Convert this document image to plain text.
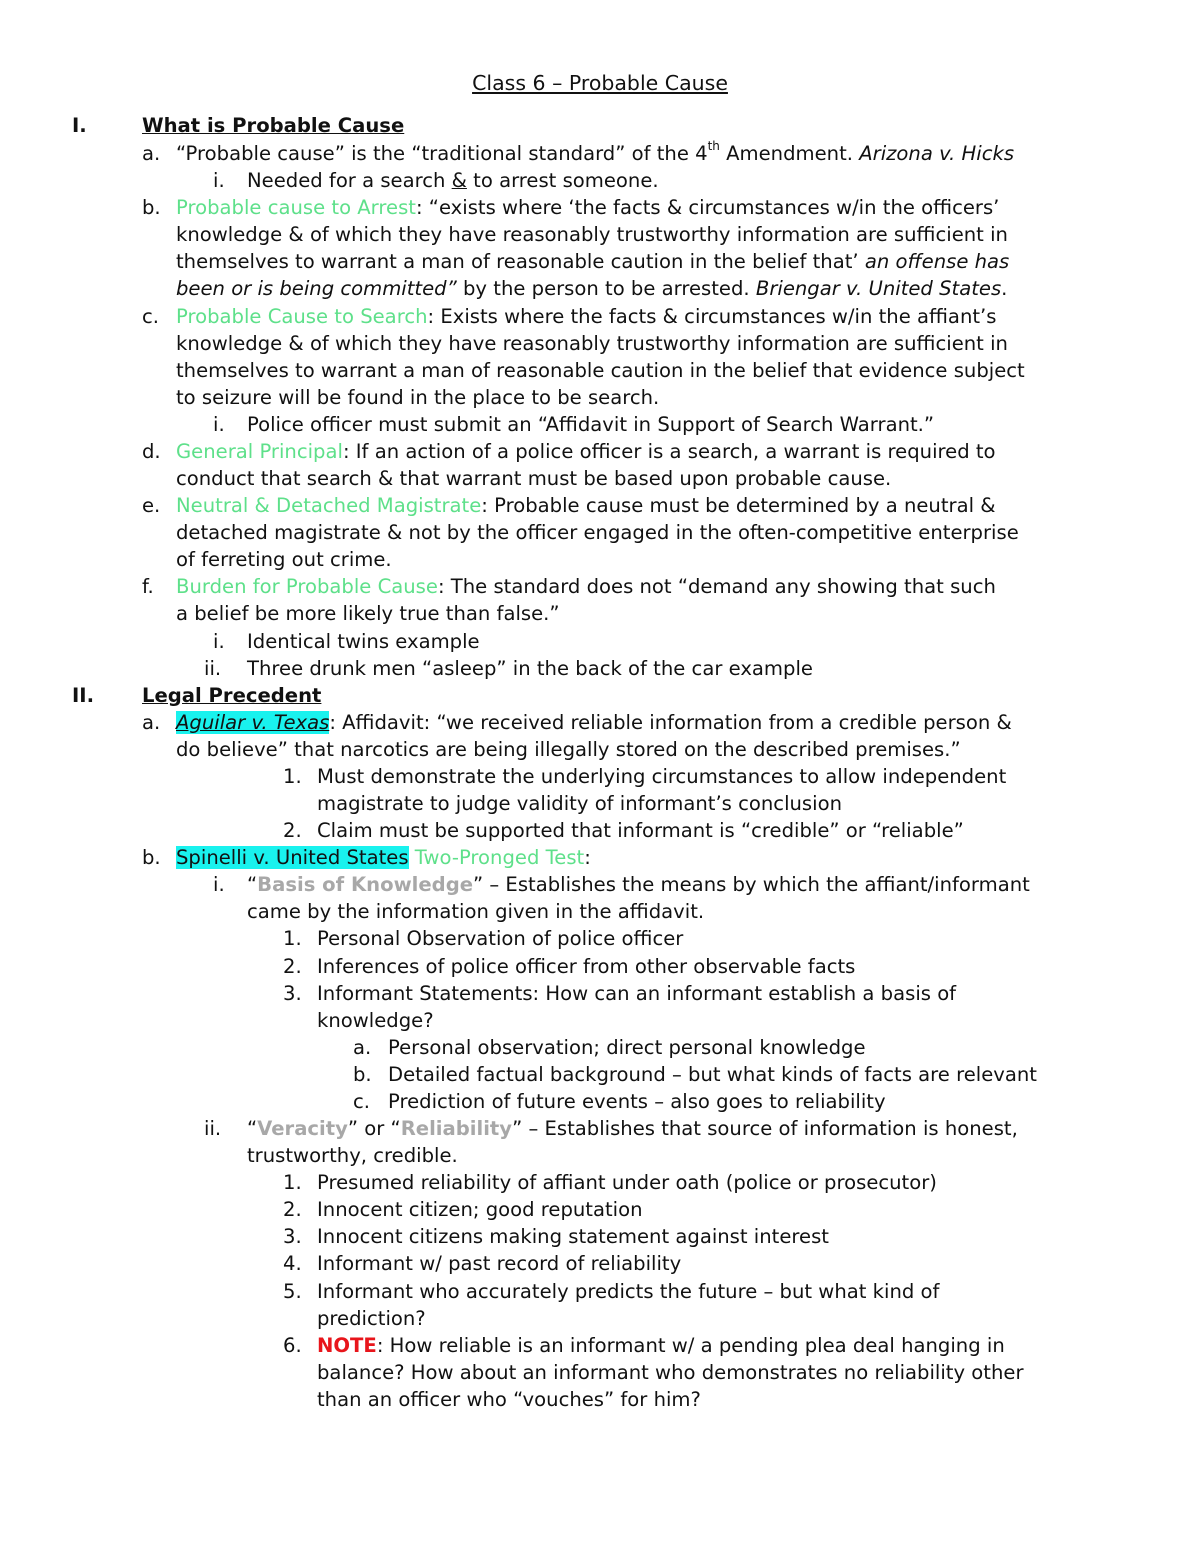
Class 6 – Probable Cause
I.	What is Probable Cause
a. “Probable cause” is the “traditional standard” of the 4th Amendment. Arizona v. Hicks
i. Needed for a search & to arrest someone.
b. Probable cause to Arrest: “exists where ‘the facts & circumstances w/in the officers’
knowledge & of which they have reasonably trustworthy information are sufficient in
themselves to warrant a man of reasonable caution in the belief that’ an offense has
been or is being committed” by the person to be arrested. Briengar v. United States.
c. Probable Cause to Search: Exists where the facts & circumstances w/in the affiant’s
knowledge & of which they have reasonably trustworthy information are sufficient in
themselves to warrant a man of reasonable caution in the belief that evidence subject
to seizure will be found in the place to be search.
i. Police officer must submit an “Affidavit in Support of Search Warrant.”
d. General Principal: If an action of a police officer is a search, a warrant is required to
conduct that search & that warrant must be based upon probable cause.
e. Neutral & Detached Magistrate: Probable cause must be determined by a neutral &
detached magistrate & not by the officer engaged in the often-competitive enterprise
of ferreting out crime.
f. Burden for Probable Cause: The standard does not “demand any showing that such
a belief be more likely true than false.”
i. Identical twins example
ii. Three drunk men “asleep” in the back of the car example
II. Legal Precedent
a. Aguilar v. Texas: Affidavit: “we received reliable information from a credible person &
do believe” that narcotics are being illegally stored on the described premises.”
1. Must demonstrate the underlying circumstances to allow independent
magistrate to judge validity of informant’s conclusion
2. Claim must be supported that informant is “credible” or “reliable”
b. Spinelli v. United States Two-Pronged Test:
i. “Basis of Knowledge” – Establishes the means by which the affiant/informant
came by the information given in the affidavit.
1. Personal Observation of police officer
2. Inferences of police officer from other observable facts
3. Informant Statements: How can an informant establish a basis of
knowledge?
a. Personal observation; direct personal knowledge
b. Detailed factual background – but what kinds of facts are relevant
c. Prediction of future events – also goes to reliability
ii. “Veracity” or “Reliability” – Establishes that source of information is honest,
trustworthy, credible.
1. Presumed reliability of affiant under oath (police or prosecutor)
2. Innocent citizen; good reputation
3. Innocent citizens making statement against interest
4. Informant w/ past record of reliability
5. Informant who accurately predicts the future – but what kind of
prediction?
6. NOTE: How reliable is an informant w/ a pending plea deal hanging in
balance? How about an informant who demonstrates no reliability other
than an officer who “vouches” for him?
